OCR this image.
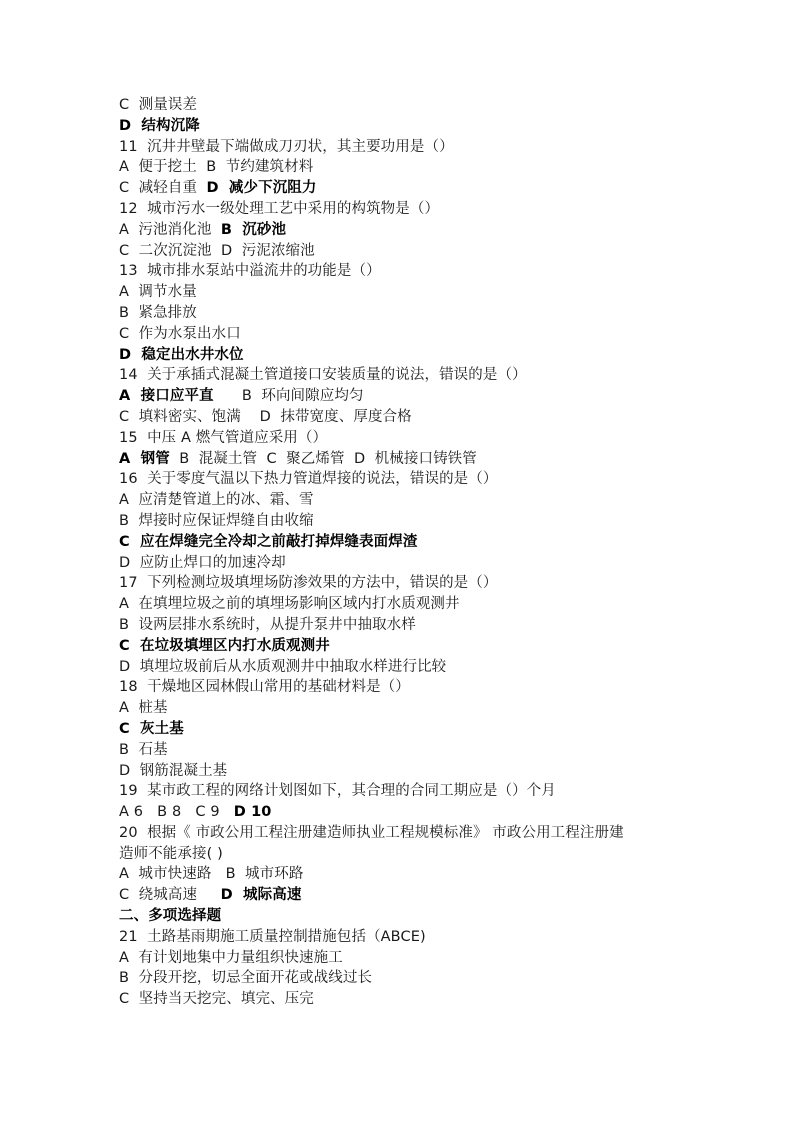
C  测量误差
D  结构沉降
11  沉井井壁最下端做成刀刃状，其主要功用是（）
A  便于挖土  B  节约建筑材料
C  减轻自重  D  减少下沉阻力
12  城市污水一级处理工艺中采用的构筑物是（）
A  污池消化池  B  沉砂池
C  二次沉淀池  D  污泥浓缩池
13  城市排水泵站中溢流井的功能是（）
A  调节水量
B  紧急排放
C  作为水泵出水口
D  稳定出水井水位
14  关于承插式混凝土管道接口安装质量的说法，错误的是（）
A  接口应平直      B  环向间隙应均匀
C  填料密实、饱满    D  抹带宽度、厚度合格
15  中压 A 燃气管道应采用（）
A  钢管  B  混凝土管  C  聚乙烯管  D  机械接口铸铁管
16  关于零度气温以下热力管道焊接的说法，错误的是（）
A  应清楚管道上的冰、霜、雪
B  焊接时应保证焊缝自由收缩
C  应在焊缝完全冷却之前敲打掉焊缝表面焊渣
D  应防止焊口的加速冷却
17  下列检测垃圾填埋场防渗效果的方法中，错误的是（）
A  在填埋垃圾之前的填埋场影响区域内打水质观测井
B  设两层排水系统时，从提升泵井中抽取水样
C  在垃圾填埋区内打水质观测井
D  填埋垃圾前后从水质观测井中抽取水样进行比较
18  干燥地区园林假山常用的基础材料是（）
A  桩基
C  灰土基
B  石基
D  钢筋混凝土基
19  某市政工程的网络计划图如下，其合理的合同工期应是（）个月
A 6   B 8   C 9   D 10
20  根据《 市政公用工程注册建造师执业工程规模标准》 市政公用工程注册建
造师不能承接( )
A  城市快速路   B  城市环路
C  绕城高速     D  城际高速
二、多项选择题
21  土路基雨期施工质量控制措施包括（ABCE)
A  有计划地集中力量组织快速施工
B  分段开挖，切忌全面开花或战线过长
C  坚持当天挖完、填完、压完
